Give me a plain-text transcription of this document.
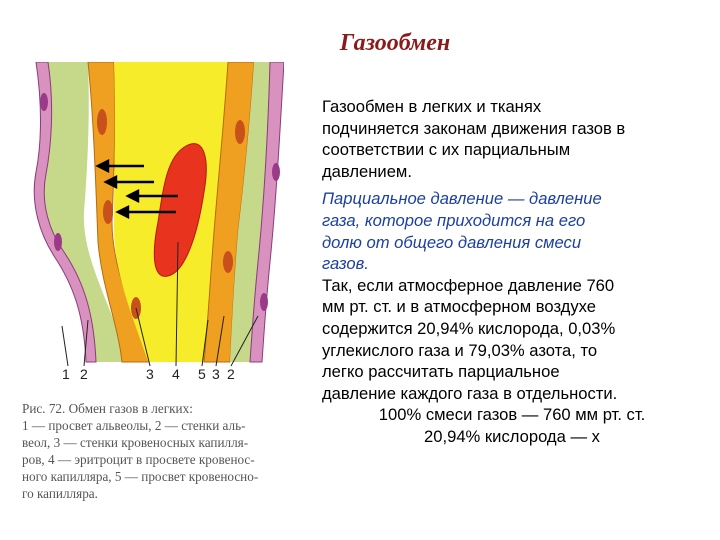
Газообмен
1 2	3 4 5 3 2
Рис. 72. Обмен газов в легких:
1 — просвет альвеолы, 2 — стенки аль-
веол, 3 — стенки кровеносных капилля-
ров, 4 — эритроцит в просвете кровенос-
ного капилляра, 5 — просвет кровеносно-
го капилляра.

Газообмен в легких и тканях
подчиняется законам движения газов в
соответствии с их парциальным
давлением.

Парциальное давление — давление
газа, которое приходится на его
долю от общего давления смеси
газов.

Так, если атмосферное давление 760
мм рт. ст. и в атмосферном воздухе
содержится 20,94% кислорода, 0,03%
углекислого газа и 79,03% азота, то
легко рассчитать парциальное
давление каждого газа в отдельности.
100% смеси газов — 760 мм рт. ст.
20,94% кислорода — х
